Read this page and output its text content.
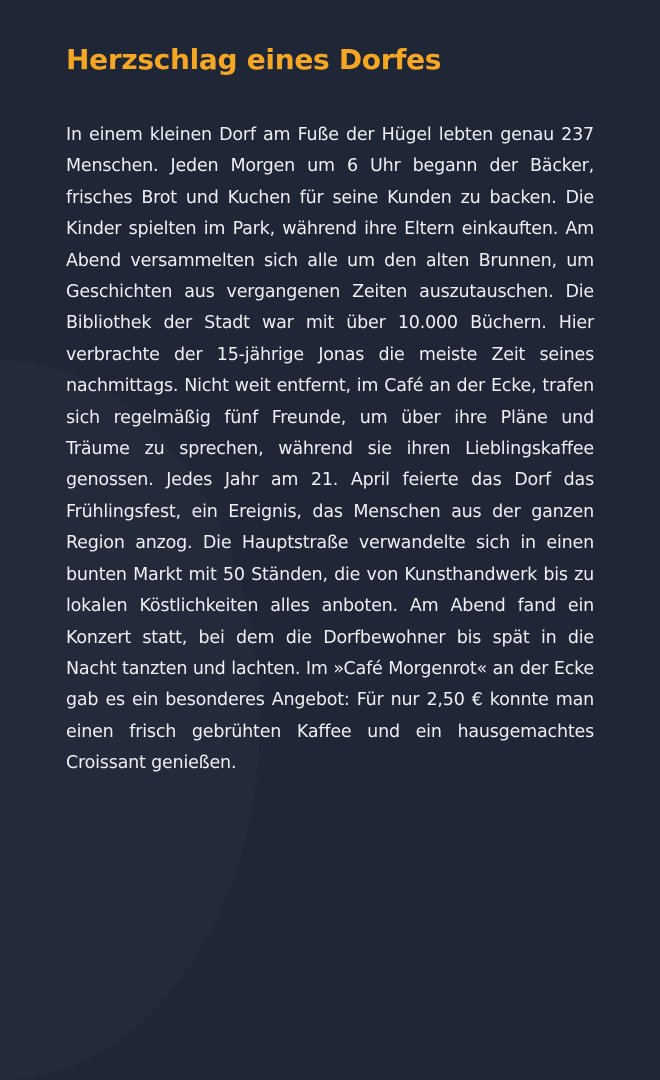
Herzschlag eines Dorfes

In einem kleinen Dorf am Fuße der Hügel lebten genau 237 Menschen. Jeden Morgen um 6 Uhr begann der Bäcker, frisches Brot und Kuchen für seine Kunden zu backen. Die Kinder spielten im Park, während ihre Eltern einkauften. Am Abend versammelten sich alle um den alten Brunnen, um Geschichten aus vergangenen Zeiten auszutauschen. Die Bibliothek der Stadt war mit über 10.000 Büchern. Hier verbrachte der 15-jährige Jonas die meiste Zeit seines nachmittags. Nicht weit entfernt, im Café an der Ecke, trafen sich regelmäßig fünf Freunde, um über ihre Pläne und Träume zu sprechen, während sie ihren Lieblingskaffee genossen. Jedes Jahr am 21. April feierte das Dorf das Frühlingsfest, ein Ereignis, das Menschen aus der ganzen Region anzog. Die Hauptstraße verwandelte sich in einen bunten Markt mit 50 Ständen, die von Kunsthandwerk bis zu lokalen Köstlichkeiten alles anboten. Am Abend fand ein Konzert statt, bei dem die Dorfbewohner bis spät in die Nacht tanzten und lachten. Im »Café Morgenrot« an der Ecke gab es ein besonderes Angebot: Für nur 2,50 € konnte man einen frisch gebrühten Kaffee und ein hausgemachtes Croissant genießen.
